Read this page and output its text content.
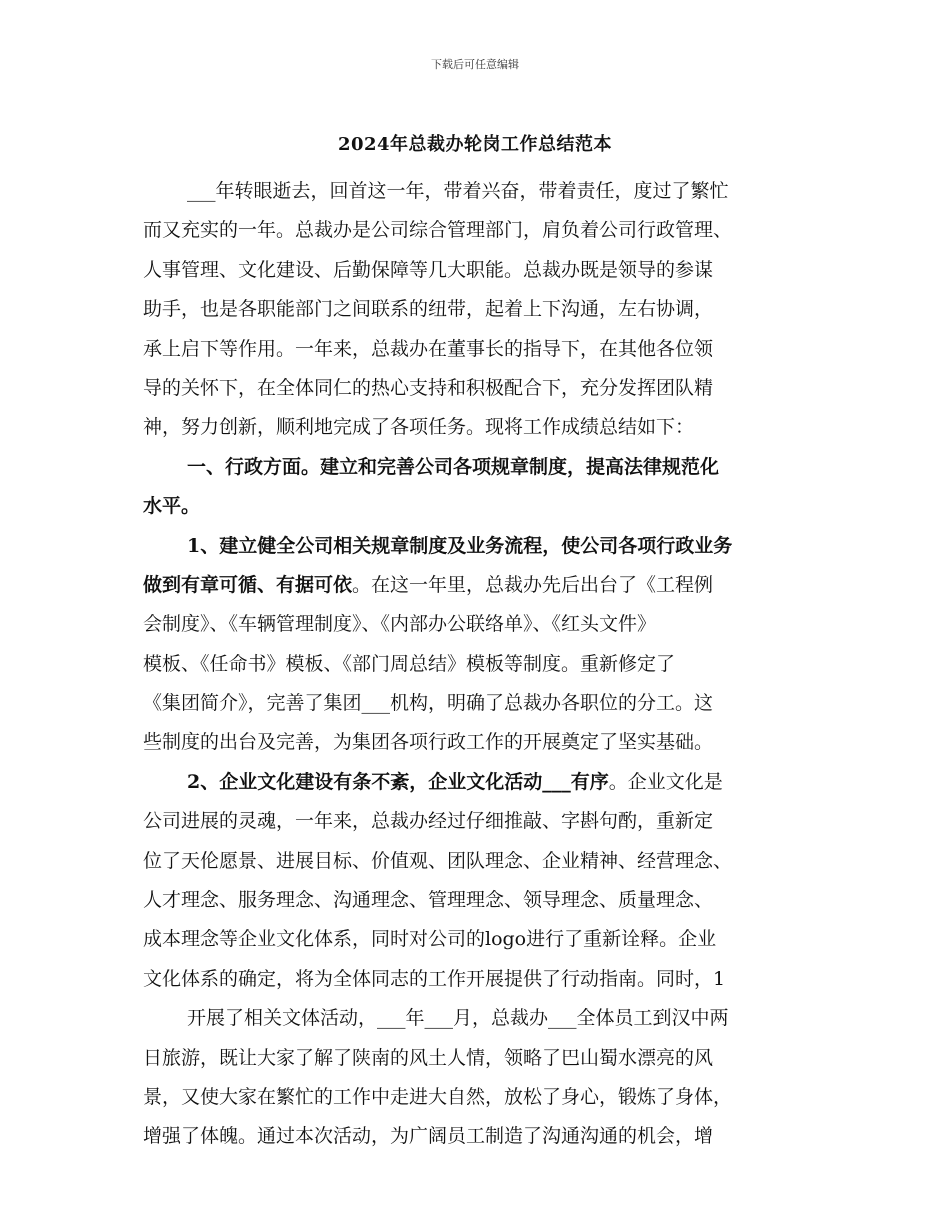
下载后可任意编辑
2024年总裁办轮岗工作总结范本
___年转眼逝去，回首这一年，带着兴奋，带着责任，度过了繁忙
而又充实的一年。总裁办是公司综合管理部门，肩负着公司行政管理、
人事管理、文化建设、后勤保障等几大职能。总裁办既是领导的参谋
助手，也是各职能部门之间联系的纽带，起着上下沟通，左右协调，
承上启下等作用。一年来，总裁办在董事长的指导下，在其他各位领
导的关怀下，在全体同仁的热心支持和积极配合下，充分发挥团队精
神，努力创新，顺利地完成了各项任务。现将工作成绩总结如下：
一、行政方面。建立和完善公司各项规章制度，提高法律规范化
水平。
1、建立健全公司相关规章制度及业务流程，使公司各项行政业务
做到有章可循、有据可依。在这一年里，总裁办先后出台了《工程例
会制度》、《车辆管理制度》、《内部办公联络单》、《红头文件》
模板、《任命书》模板、《部门周总结》模板等制度。重新修定了
《集团简介》，完善了集团___机构，明确了总裁办各职位的分工。这
些制度的出台及完善，为集团各项行政工作的开展奠定了坚实基础。
2、企业文化建设有条不紊，企业文化活动___有序。企业文化是
公司进展的灵魂，一年来，总裁办经过仔细推敲、字斟句酌，重新定
位了天伦愿景、进展目标、价值观、团队理念、企业精神、经营理念、
人才理念、服务理念、沟通理念、管理理念、领导理念、质量理念、
成本理念等企业文化体系，同时对公司的logo进行了重新诠释。企业
文化体系的确定，将为全体同志的工作开展提供了行动指南。同时，1
开展了相关文体活动，___年___月，总裁办___全体员工到汉中两
日旅游，既让大家了解了陕南的风土人情，领略了巴山蜀水漂亮的风
景，又使大家在繁忙的工作中走进大自然，放松了身心，锻炼了身体，
增强了体魄。通过本次活动，为广阔员工制造了沟通沟通的机会，增
